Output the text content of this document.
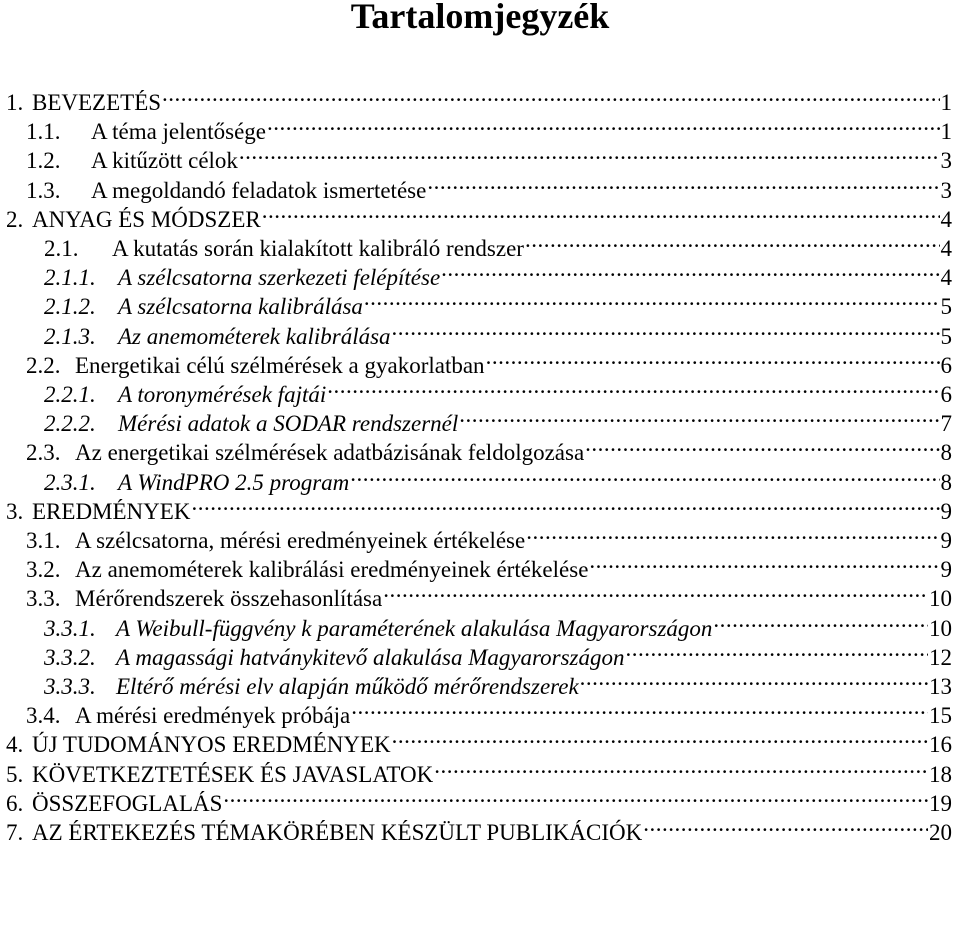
Tartalomjegyzék
1. BEVEZETÉS .....	1
1.1.	A téma jelentősége .....	1
1.2.	A kitűzött célok .....	3
1.3.	A megoldandó feladatok ismertetése .....	3
2. ANYAG ÉS MÓDSZER .....	4
2.1.	A kutatás során kialakított kalibráló rendszer .....	4
2.1.1. A szélcsatorna szerkezeti felépítése .....	4
2.1.2. A szélcsatorna kalibrálása .....	5
2.1.3. Az anemométerek kalibrálása .....	5
2.2. Energetikai célú szélmérések a gyakorlatban .....	6
2.2.1. A toronymérések fajtái .....	6
2.2.2. Mérési adatok a SODAR rendszernél .....	7
2.3. Az energetikai szélmérések adatbázisának feldolgozása .....	8
2.3.1. A WindPRO 2.5 program .....	8
3. EREDMÉNYEK .....	9
3.1. A szélcsatorna, mérési eredményeinek értékelése .....	9
3.2. Az anemométerek kalibrálási eredményeinek értékelése .....	9
3.3. Mérőrendszerek összehasonlítása .....	10
3.3.1. A Weibull-függvény k paraméterének alakulása Magyarországon .....	10
3.3.2. A magassági hatványkitevő alakulása Magyarországon .....	12
3.3.3. Eltérő mérési elv alapján működő mérőrendszerek .....	13
3.4. A mérési eredmények próbája .....	15
4. ÚJ TUDOMÁNYOS EREDMÉNYEK .....	16
5. KÖVETKEZTETÉSEK ÉS JAVASLATOK .....	18
6. ÖSSZEFOGLALÁS .....	19
7. AZ ÉRTEKEZÉS TÉMAKÖRÉBEN KÉSZÜLT PUBLIKÁCIÓK .....	20
